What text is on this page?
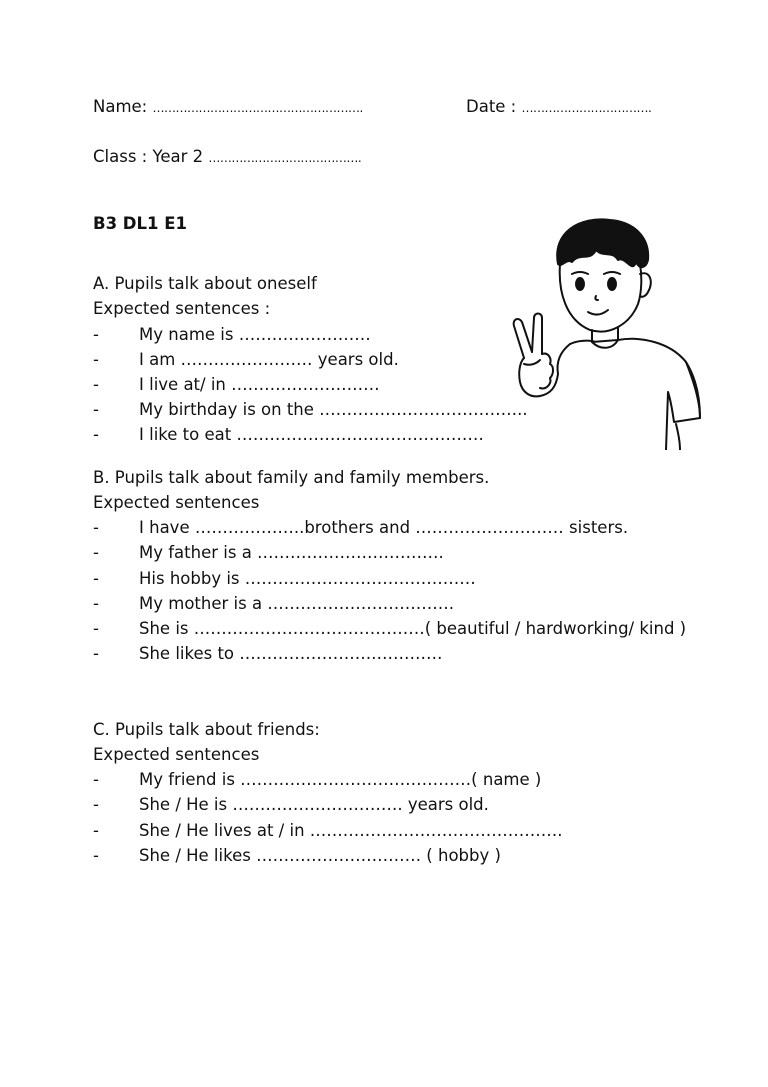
Name: ……………………………………………….	Date : …………………………….
Class : Year 2 ………………………………….
B3 DL1 E1
A. Pupils talk about oneself
Expected sentences :
- My name is ……………………
- I am …………………… years old.
- I live at/ in ………………………
- My birthday is on the ………………………………..
- I like to eat ………………………………………
B. Pupils talk about family and family members.
Expected sentences
- I have ………………..brothers and ……………………… sisters.
- My father is a …………………………….
- His hobby is ……………………………………
- My mother is a …………………………….
- She is ……………………………………( beautiful / hardworking/ kind )
- She likes to …………………….…………
C. Pupils talk about friends:
Expected sentences
- My friend is ……………………………………( name )
- She / He is …………………………. years old.
- She / He lives at / in ……………………………………….
- She / He likes ………………………… ( hobby )
